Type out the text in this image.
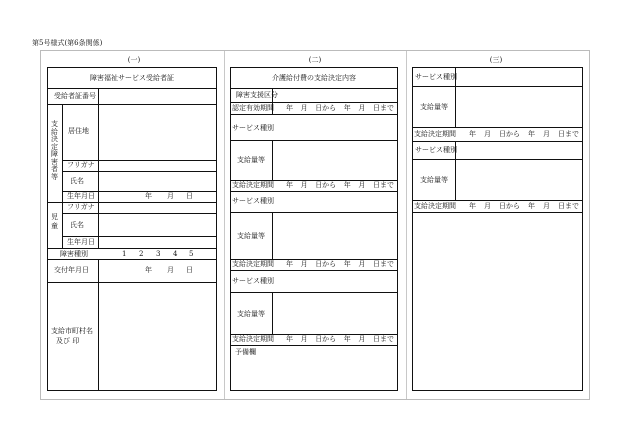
第5号様式(第6条関係)
(一)	(二)	(三)
障害福祉サービス受給者証
受給者証番号
支給決定障害者等
居住地
フリガナ
氏名
生年月日	年 月 日
児童
フリガナ
氏名
生年月日
障害種別	1 2 3 4 5
交付年月日	年 月 日
支給市町村名
及び 印
介護給付費の支給決定内容
障害支援区分
認定有効期間 年 月 日から 年 月 日まで
サービス種別
支給量等
支給決定期間 年 月 日から 年 月 日まで
サービス種別
支給量等
支給決定期間 年 月 日から 年 月 日まで
サービス種別
支給量等
支給決定期間 年 月 日から 年 月 日まで
予備欄
サービス種別
支給量等
支給決定期間 年 月 日から 年 月 日まで
サービス種別
支給量等
支給決定期間 年 月 日から 年 月 日まで
